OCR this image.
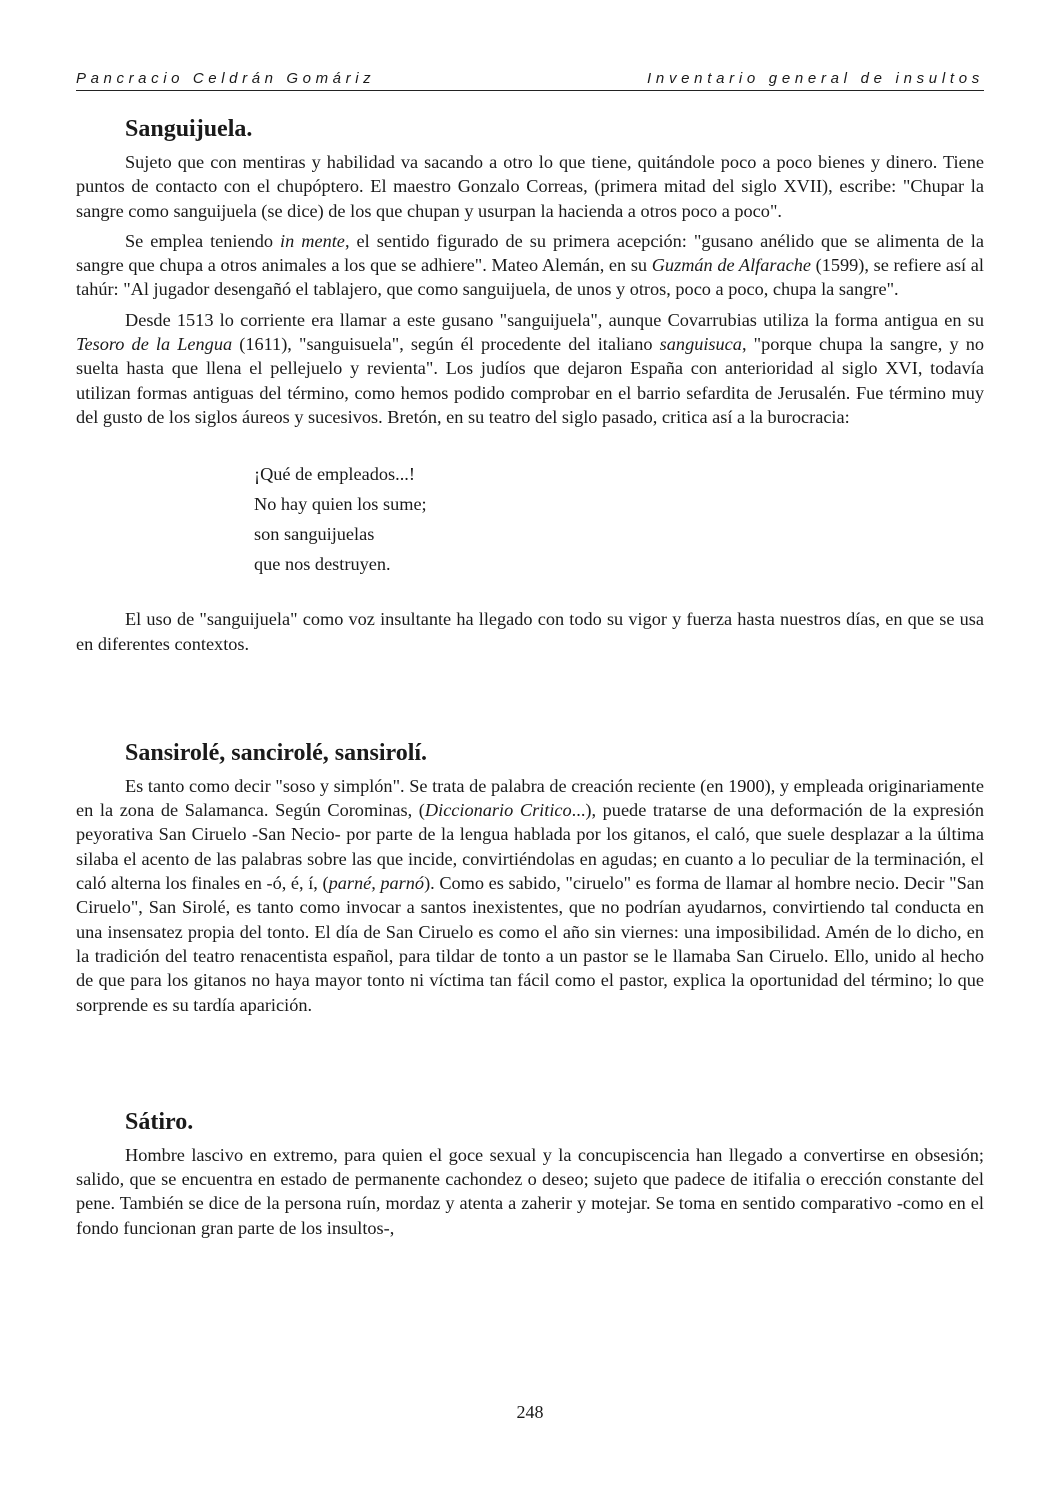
Pancracio Celdrán Gomáriz	Inventario general de insultos
Sanguijuela.

Sujeto que con mentiras y habilidad va sacando a otro lo que tiene, quitándole poco a poco bienes y dinero. Tiene puntos de contacto con el chupóptero. El maestro Gonzalo Correas, (primera mitad del siglo XVII), escribe: "Chupar la sangre como sanguijuela (se dice) de los que chupan y usurpan la hacienda a otros poco a poco".

Se emplea teniendo in mente, el sentido figurado de su primera acepción: "gusano anélido que se alimenta de la sangre que chupa a otros animales a los que se adhiere". Mateo Alemán, en su Guzmán de Alfarache (1599), se refiere así al tahúr: "Al jugador desengañó el tablajero, que como sanguijuela, de unos y otros, poco a poco, chupa la sangre".

Desde 1513 lo corriente era llamar a este gusano "sanguijuela", aunque Covarrubias utiliza la forma antigua en su Tesoro de la Lengua (1611), "sanguisuela", según él procedente del italiano sanguisuca, "porque chupa la sangre, y no suelta hasta que llena el pellejuelo y revienta". Los judíos que dejaron España con anterioridad al siglo XVI, todavía utilizan formas antiguas del término, como hemos podido comprobar en el barrio sefardita de Jerusalén. Fue término muy del gusto de los siglos áureos y sucesivos. Bretón, en su teatro del siglo pasado, critica así a la burocracia:

¡Qué de empleados...!
No hay quien los sume;
son sanguijuelas
que nos destruyen.

El uso de "sanguijuela" como voz insultante ha llegado con todo su vigor y fuerza hasta nuestros días, en que se usa en diferentes contextos.

Sansirolé, sancirolé, sansirolí.

Es tanto como decir "soso y simplón". Se trata de palabra de creación reciente (en 1900), y empleada originariamente en la zona de Salamanca. Según Corominas, (Diccionario Critico...), puede tratarse de una deformación de la expresión peyorativa San Ciruelo -San Necio- por parte de la lengua hablada por los gitanos, el caló, que suele desplazar a la última silaba el acento de las palabras sobre las que incide, convirtiéndolas en agudas; en cuanto a lo peculiar de la terminación, el caló alterna los finales en -ó, é, í, (parné, parnó). Como es sabido, "ciruelo" es forma de llamar al hombre necio. Decir "San Ciruelo", San Sirolé, es tanto como invocar a santos inexistentes, que no podrían ayudarnos, convirtiendo tal conducta en una insensatez propia del tonto. El día de San Ciruelo es como el año sin viernes: una imposibilidad. Amén de lo dicho, en la tradición del teatro renacentista español, para tildar de tonto a un pastor se le llamaba San Ciruelo. Ello, unido al hecho de que para los gitanos no haya mayor tonto ni víctima tan fácil como el pastor, explica la oportunidad del término; lo que sorprende es su tardía aparición.

Sátiro.

Hombre lascivo en extremo, para quien el goce sexual y la concupiscencia han llegado a convertirse en obsesión; salido, que se encuentra en estado de permanente cachondez o deseo; sujeto que padece de itifalia o erección constante del pene. También se dice de la persona ruín, mordaz y atenta a zaherir y motejar. Se toma en sentido comparativo -como en el fondo funcionan gran parte de los insultos-,

248
